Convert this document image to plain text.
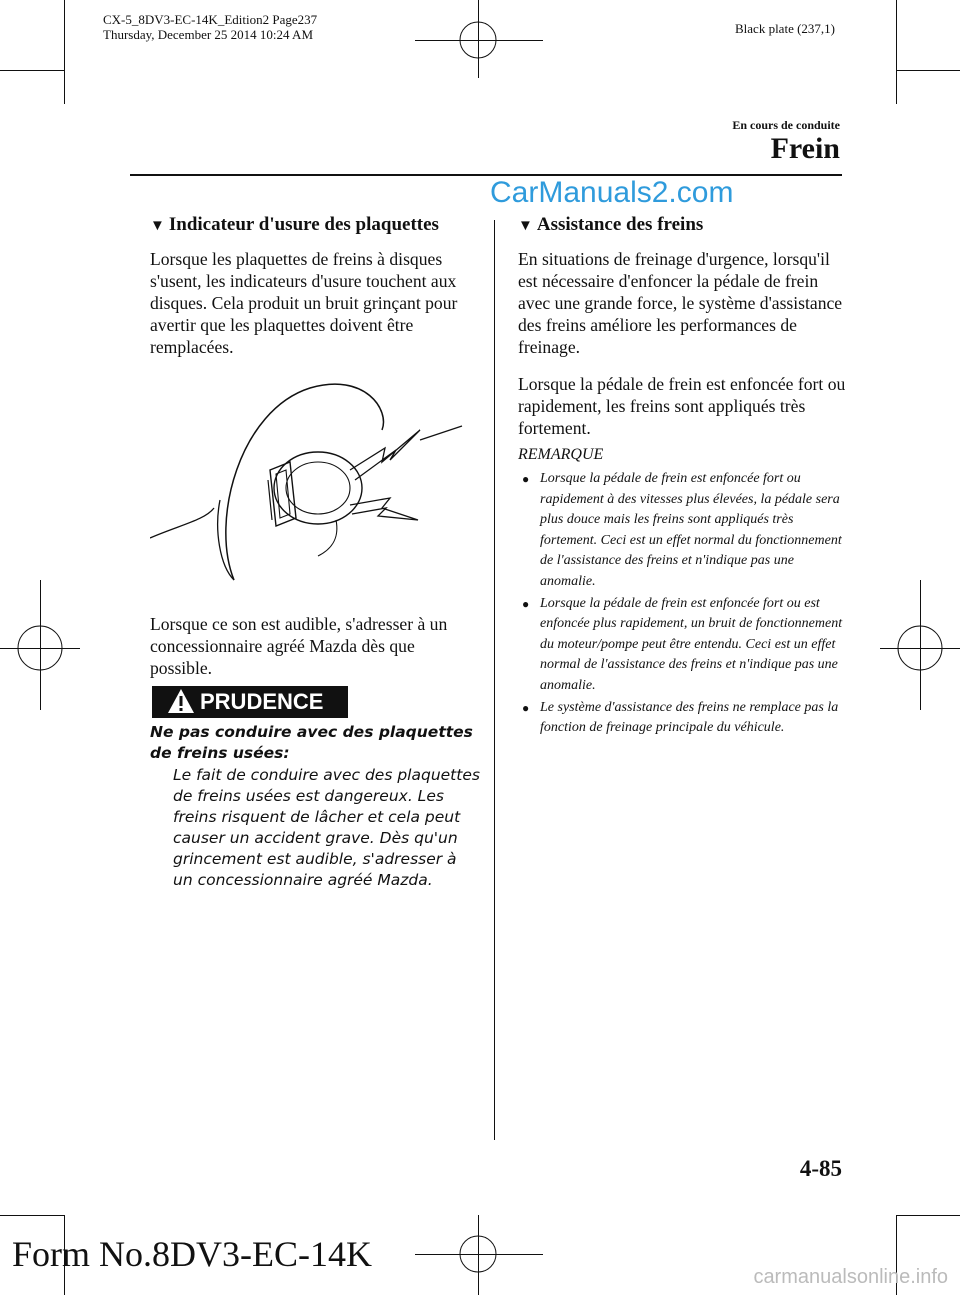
CX-5_8DV3-EC-14K_Edition2 Page237
Thursday, December 25 2014 10:24 AM	Black plate (237,1)
En cours de conduite
Frein
CarManuals2.com
▼ Indicateur d'usure des plaquettes

Lorsque les plaquettes de freins à disques s'usent, les indicateurs d'usure touchent aux disques. Cela produit un bruit grinçant pour avertir que les plaquettes doivent être remplacées.

Lorsque ce son est audible, s'adresser à un concessionnaire agréé Mazda dès que possible.

PRUDENCE
Ne pas conduire avec des plaquettes de freins usées:
Le fait de conduire avec des plaquettes de freins usées est dangereux. Les freins risquent de lâcher et cela peut causer un accident grave. Dès qu'un grincement est audible, s'adresser à un concessionnaire agréé Mazda.
▼ Assistance des freins

En situations de freinage d'urgence, lorsqu'il est nécessaire d'enfoncer la pédale de frein avec une grande force, le système d'assistance des freins améliore les performances de freinage.

Lorsque la pédale de frein est enfoncée fort ou rapidement, les freins sont appliqués très fortement.

REMARQUE
● Lorsque la pédale de frein est enfoncée fort ou rapidement à des vitesses plus élevées, la pédale sera plus douce mais les freins sont appliqués très fortement. Ceci est un effet normal du fonctionnement de l'assistance des freins et n'indique pas une anomalie.
● Lorsque la pédale de frein est enfoncée fort ou est enfoncée plus rapidement, un bruit de fonctionnement du moteur/pompe peut être entendu. Ceci est un effet normal de l'assistance des freins et n'indique pas une anomalie.
● Le système d'assistance des freins ne remplace pas la fonction de freinage principale du véhicule.
4-85
Form No.8DV3-EC-14K
carmanualsonline.info
